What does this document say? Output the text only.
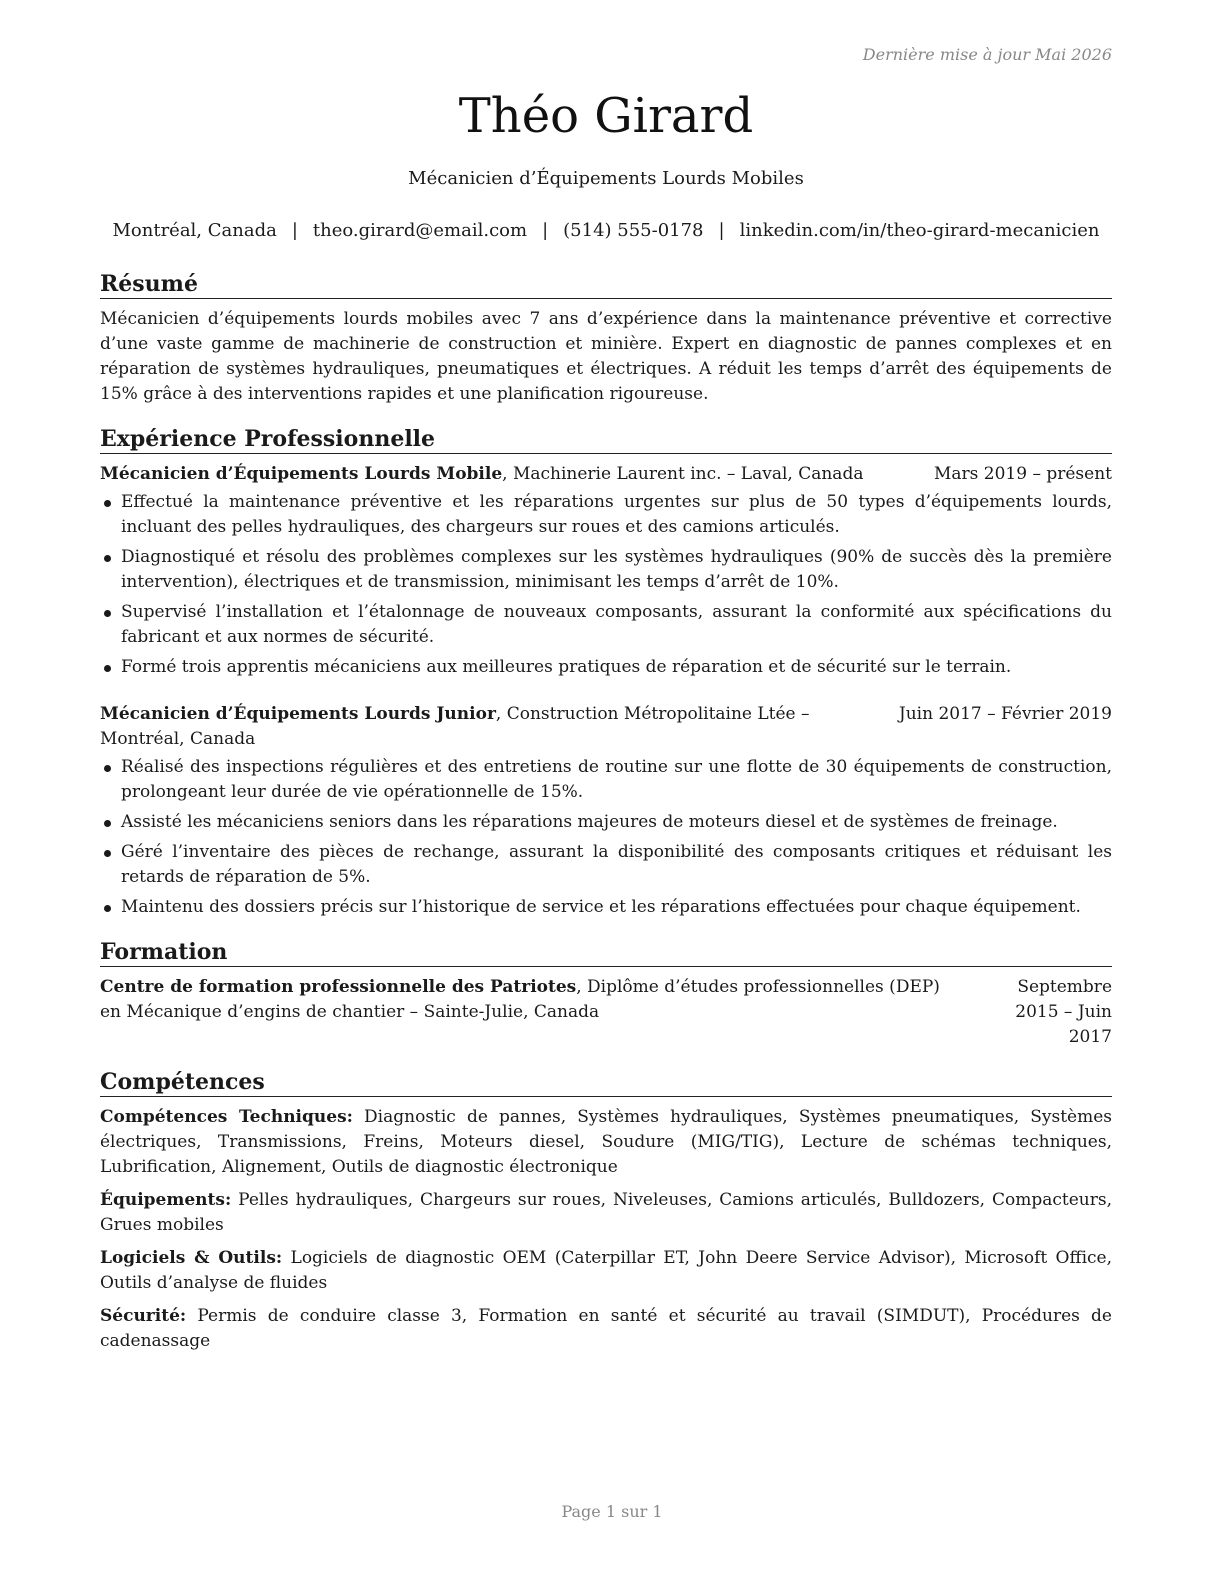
Dernière mise à jour Mai 2026
Théo Girard
Mécanicien d’Équipements Lourds Mobiles
Montréal, Canada | theo.girard@email.com | (514) 555-0178 | linkedin.com/in/theo-girard-mecanicien
Résumé

Mécanicien d’équipements lourds mobiles avec 7 ans d’expérience dans la maintenance préventive et corrective d’une vaste gamme de machinerie de construction et minière. Expert en diagnostic de pannes complexes et en réparation de systèmes hydrauliques, pneumatiques et électriques. A réduit les temps d’arrêt des équipements de 15% grâce à des interventions rapides et une planification rigoureuse.

Expérience Professionnelle
Mécanicien d’Équipements Lourds Mobile, Machinerie Laurent inc. – Laval, Canada	Mars 2019 – présent
Effectué la maintenance préventive et les réparations urgentes sur plus de 50 types d’équipements lourds, incluant des pelles hydrauliques, des chargeurs sur roues et des camions articulés.
Diagnostiqué et résolu des problèmes complexes sur les systèmes hydrauliques (90% de succès dès la première intervention), électriques et de transmission, minimisant les temps d’arrêt de 10%.
Supervisé l’installation et l’étalonnage de nouveaux composants, assurant la conformité aux spécifications du fabricant et aux normes de sécurité.
Formé trois apprentis mécaniciens aux meilleures pratiques de réparation et de sécurité sur le terrain.
Mécanicien d’Équipements Lourds Junior, Construction Métropolitaine Ltée – Montréal, Canada
Juin 2017 – Février 2019
Réalisé des inspections régulières et des entretiens de routine sur une flotte de 30 équipements de construction, prolongeant leur durée de vie opérationnelle de 15%.
Assisté les mécaniciens seniors dans les réparations majeures de moteurs diesel et de systèmes de freinage.
Géré l’inventaire des pièces de rechange, assurant la disponibilité des composants critiques et réduisant les retards de réparation de 5%.
Maintenu des dossiers précis sur l’historique de service et les réparations effectuées pour chaque équipement.
Formation
Centre de formation professionnelle des Patriotes, Diplôme d’études professionnelles (DEP) en Mécanique d’engins de chantier – Sainte-Julie, Canada
Septembre 2015 – Juin 2017
Compétences

Compétences Techniques: Diagnostic de pannes, Systèmes hydrauliques, Systèmes pneumatiques, Systèmes électriques, Transmissions, Freins, Moteurs diesel, Soudure (MIG/TIG), Lecture de schémas techniques, Lubrification, Alignement, Outils de diagnostic électronique

Équipements: Pelles hydrauliques, Chargeurs sur roues, Niveleuses, Camions articulés, Bulldozers, Compacteurs, Grues mobiles

Logiciels & Outils: Logiciels de diagnostic OEM (Caterpillar ET, John Deere Service Advisor), Microsoft Office, Outils d’analyse de fluides

Sécurité: Permis de conduire classe 3, Formation en santé et sécurité au travail (SIMDUT), Procédures de cadenassage

Page 1 sur 1
